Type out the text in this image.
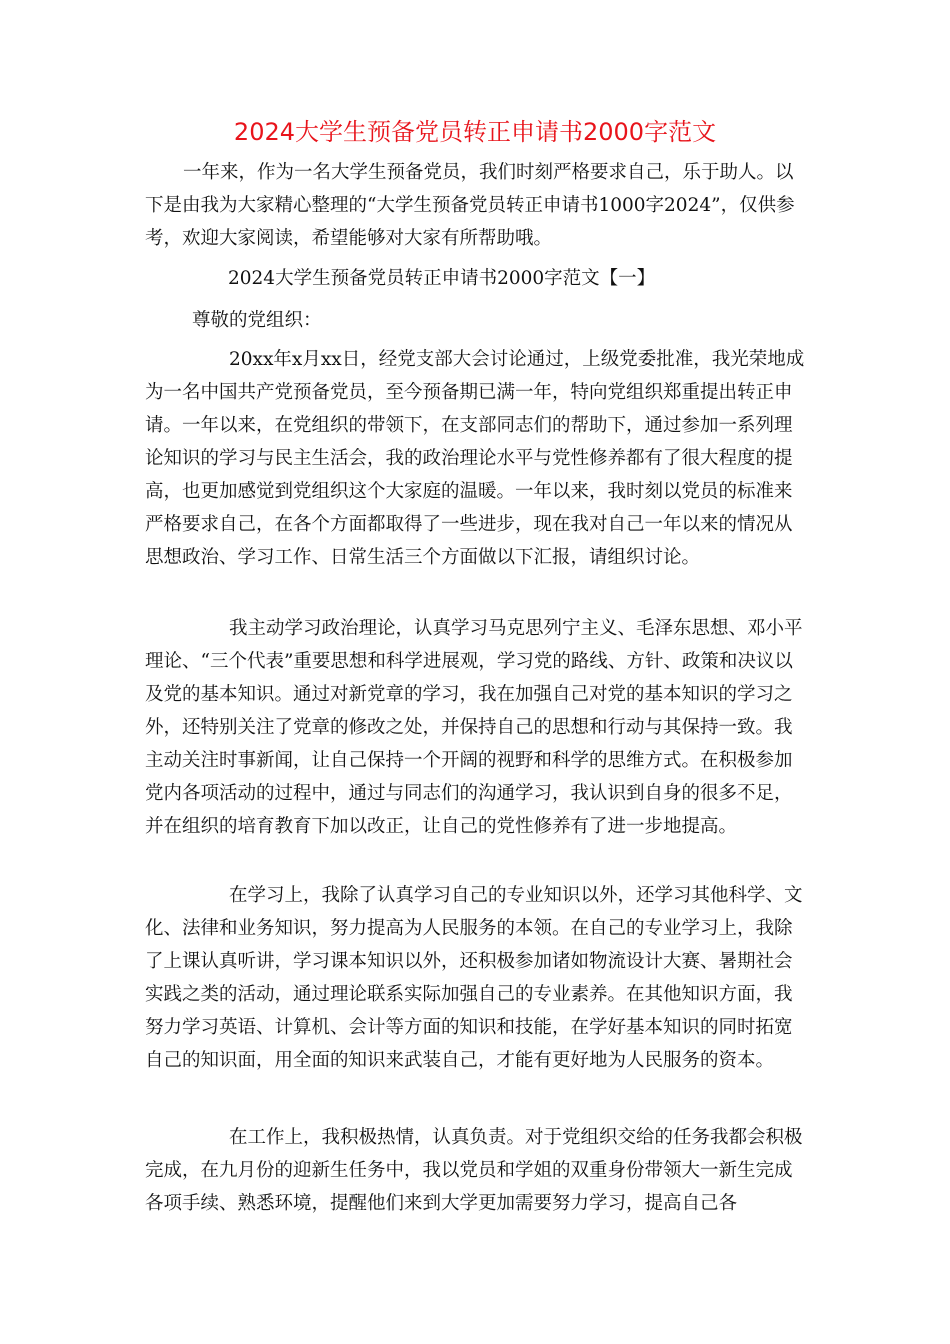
2024大学生预备党员转正申请书2000字范文

一年来，作为一名大学生预备党员，我们时刻严格要求自己，乐于助人。以下是由我为大家精心整理的“大学生预备党员转正申请书1000字2024”，仅供参考，欢迎大家阅读，希望能够对大家有所帮助哦。

2024大学生预备党员转正申请书2000字范文【一】

尊敬的党组织：

20xx年x月xx日，经党支部大会讨论通过，上级党委批准，我光荣地成为一名中国共产党预备党员，至今预备期已满一年，特向党组织郑重提出转正申请。一年以来，在党组织的带领下，在支部同志们的帮助下，通过参加一系列理论知识的学习与民主生活会，我的政治理论水平与党性修养都有了很大程度的提高，也更加感觉到党组织这个大家庭的温暖。一年以来，我时刻以党员的标准来严格要求自己，在各个方面都取得了一些进步，现在我对自己一年以来的情况从思想政治、学习工作、日常生活三个方面做以下汇报，请组织讨论。

我主动学习政治理论，认真学习马克思列宁主义、毛泽东思想、邓小平理论、“三个代表”重要思想和科学进展观，学习党的路线、方针、政策和决议以及党的基本知识。通过对新党章的学习，我在加强自己对党的基本知识的学习之外，还特别关注了党章的修改之处，并保持自己的思想和行动与其保持一致。我主动关注时事新闻，让自己保持一个开阔的视野和科学的思维方式。在积极参加党内各项活动的过程中，通过与同志们的沟通学习，我认识到自身的很多不足，并在组织的培育教育下加以改正，让自己的党性修养有了进一步地提高。

在学习上，我除了认真学习自己的专业知识以外，还学习其他科学、文化、法律和业务知识，努力提高为人民服务的本领。在自己的专业学习上，我除了上课认真听讲，学习课本知识以外，还积极参加诸如物流设计大赛、暑期社会实践之类的活动，通过理论联系实际加强自己的专业素养。在其他知识方面，我努力学习英语、计算机、会计等方面的知识和技能，在学好基本知识的同时拓宽自己的知识面，用全面的知识来武装自己，才能有更好地为人民服务的资本。

在工作上，我积极热情，认真负责。对于党组织交给的任务我都会积极完成，在九月份的迎新生任务中，我以党员和学姐的双重身份带领大一新生完成各项手续、熟悉环境，提醒他们来到大学更加需要努力学习，提高自己各
